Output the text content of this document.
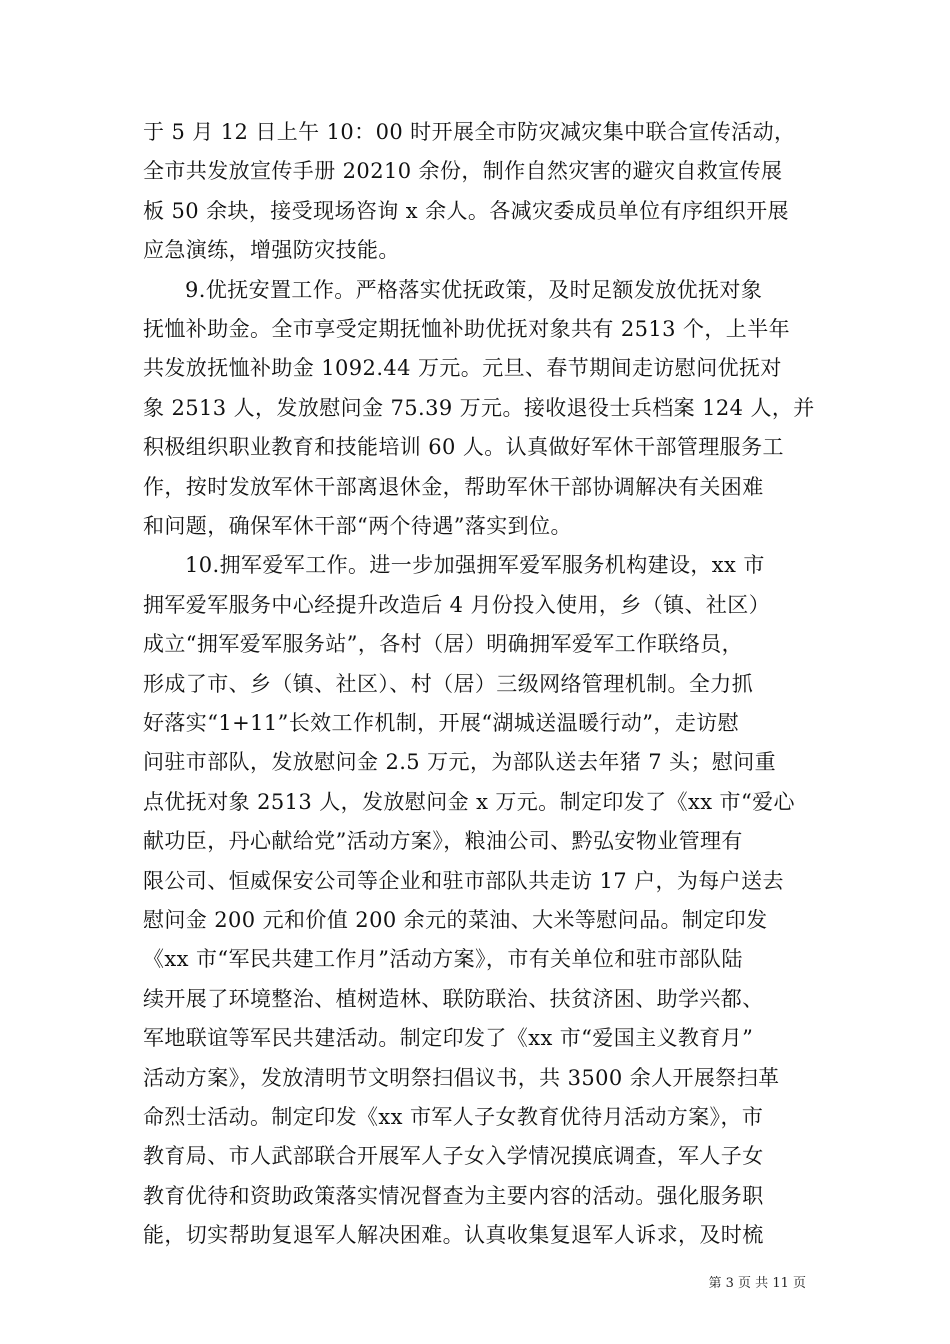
第 3 页 共 11 页
于 5 月 12 日上午 10：00 时开展全市防灾减灾集中联合宣传活动，
全市共发放宣传手册 20210 余份，制作自然灾害的避灾自救宣传展
板 50 余块，接受现场咨询 x 余人。各减灾委成员单位有序组织开展
应急演练，增强防灾技能。
9.优抚安置工作。严格落实优抚政策，及时足额发放优抚对象
抚恤补助金。全市享受定期抚恤补助优抚对象共有 2513 个，上半年
共发放抚恤补助金 1092.44 万元。元旦、春节期间走访慰问优抚对
象 2513 人，发放慰问金 75.39 万元。接收退役士兵档案 124 人，并
积极组织职业教育和技能培训 60 人。认真做好军休干部管理服务工
作，按时发放军休干部离退休金，帮助军休干部协调解决有关困难
和问题，确保军休干部“两个待遇”落实到位。
10.拥军爱军工作。进一步加强拥军爱军服务机构建设，xx 市
拥军爱军服务中心经提升改造后 4 月份投入使用，乡（镇、社区）
成立“拥军爱军服务站”，各村（居）明确拥军爱军工作联络员，
形成了市、乡（镇、社区）、村（居）三级网络管理机制。全力抓
好落实“1+11”长效工作机制，开展“湖城送温暖行动”，走访慰
问驻市部队，发放慰问金 2.5 万元，为部队送去年猪 7 头；慰问重
点优抚对象 2513 人，发放慰问金 x 万元。制定印发了《xx 市“爱心
献功臣，丹心献给党”活动方案》，粮油公司、黔弘安物业管理有
限公司、恒威保安公司等企业和驻市部队共走访 17 户，为每户送去
慰问金 200 元和价值 200 余元的菜油、大米等慰问品。制定印发
《xx 市“军民共建工作月”活动方案》，市有关单位和驻市部队陆
续开展了环境整治、植树造林、联防联治、扶贫济困、助学兴都、
军地联谊等军民共建活动。制定印发了《xx 市“爱国主义教育月”
活动方案》，发放清明节文明祭扫倡议书，共 3500 余人开展祭扫革
命烈士活动。制定印发《xx 市军人子女教育优待月活动方案》，市
教育局、市人武部联合开展军人子女入学情况摸底调查，军人子女
教育优待和资助政策落实情况督查为主要内容的活动。强化服务职
能，切实帮助复退军人解决困难。认真收集复退军人诉求，及时梳
